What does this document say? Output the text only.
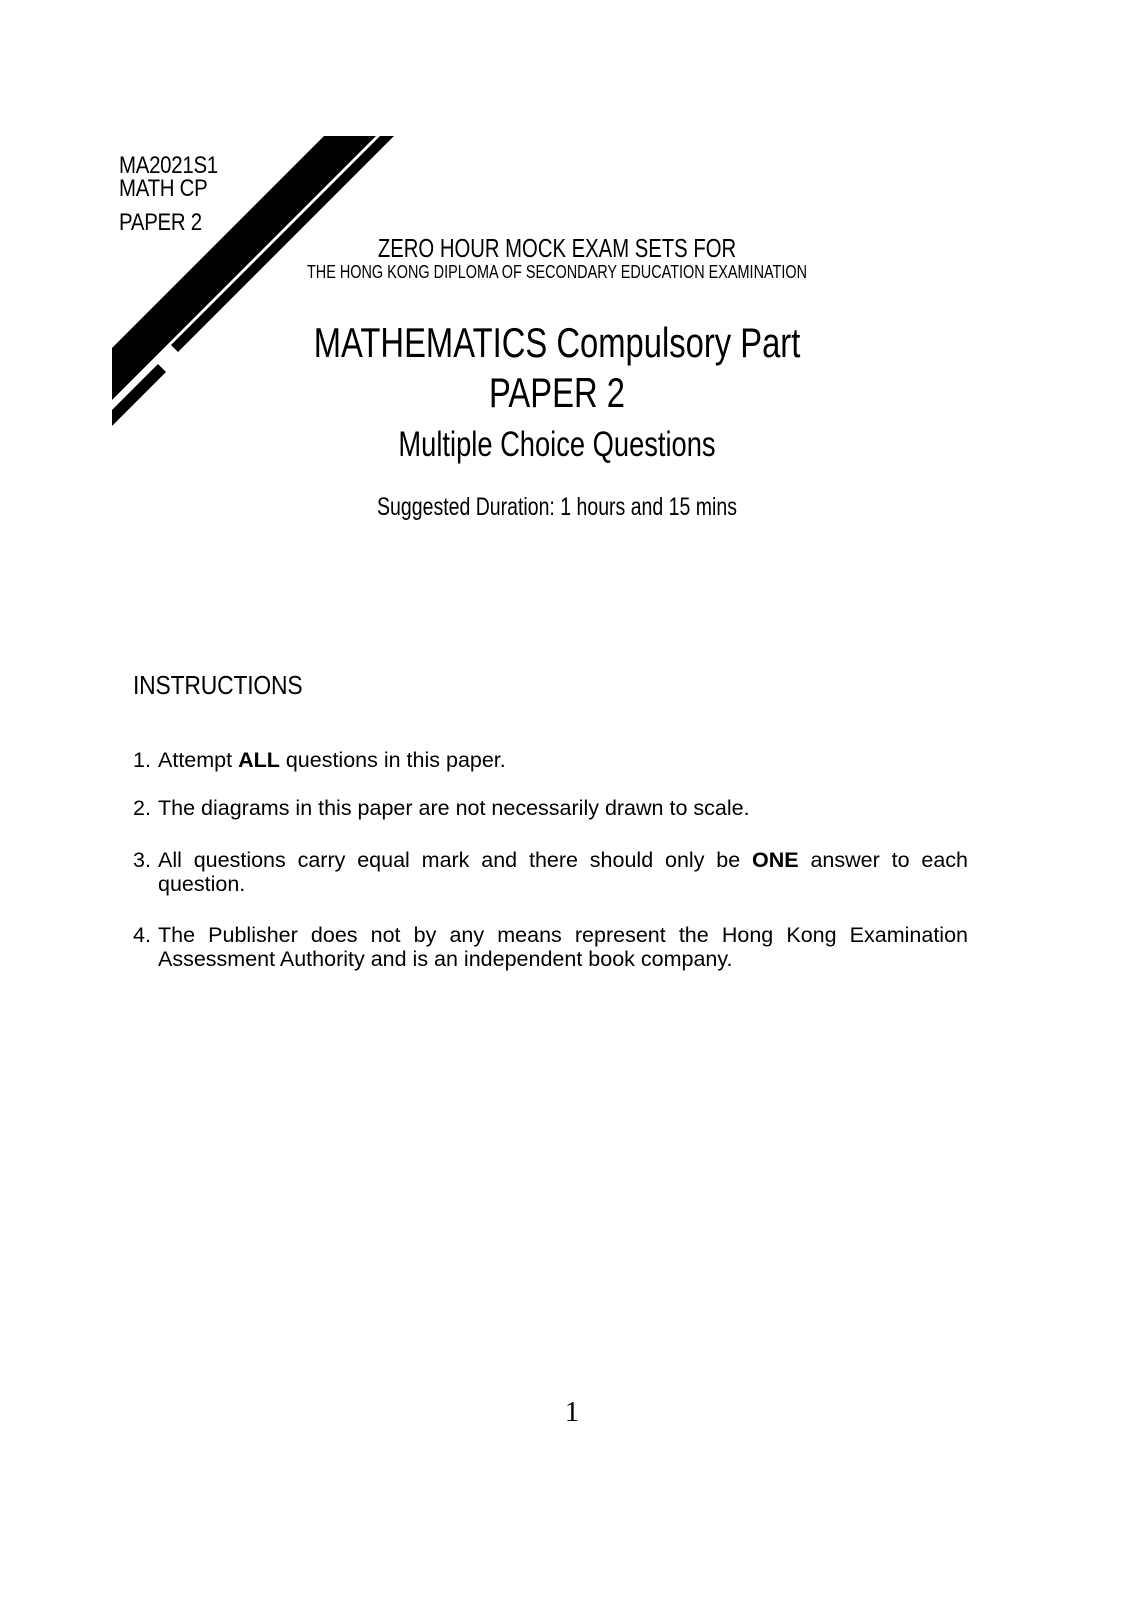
MA2021S1
MATH CP
PAPER 2
ZERO HOUR MOCK EXAM SETS FOR
THE HONG KONG DIPLOMA OF SECONDARY EDUCATION EXAMINATION
MATHEMATICS Compulsory Part
PAPER 2
Multiple Choice Questions
Suggested Duration: 1 hours and 15 mins
INSTRUCTIONS
1. Attempt ALL questions in this paper.
2. The diagrams in this paper are not necessarily drawn to scale.
3. All questions carry equal mark and there should only be ONE answer to each
question.
4. The Publisher does not by any means represent the Hong Kong Examination
Assessment Authority and is an independent book company.
1
